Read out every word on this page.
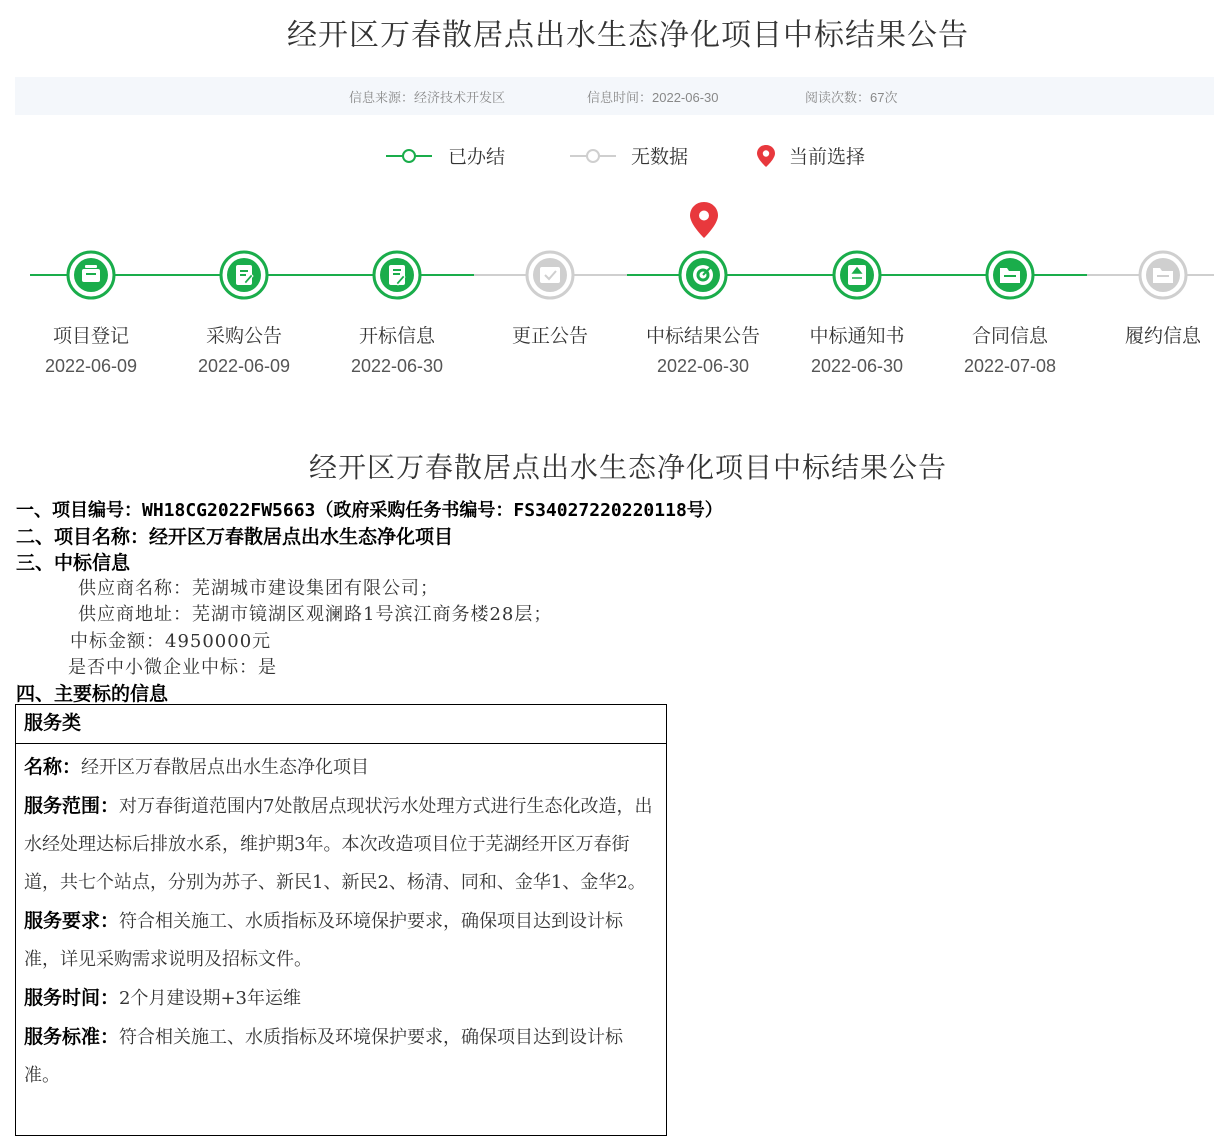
经开区万春散居点出水生态净化项目中标结果公告
信息来源：经济技术开发区	信息时间：2022-06-30	阅读次数：67次
已办结	无数据	当前选择
项目登记
2022-06-09
采购公告
2022-06-09
开标信息
2022-06-30
更正公告	中标结果公告
2022-06-30
中标通知书
2022-06-30
合同信息
2022-07-08
履约信息
经开区万春散居点出水生态净化项目中标结果公告
一、项目编号：WH18CG2022FW5663（政府采购任务书编号：FS34027220220118号）
二、项目名称：经开区万春散居点出水生态净化项目
三、中标信息
供应商名称：芜湖城市建设集团有限公司；
供应商地址：芜湖市镜湖区观澜路1号滨江商务楼28层；
中标金额：4950000元
是否中小微企业中标：是
四、主要标的信息
服务类

名称：经开区万春散居点出水生态净化项目

服务范围：对万春街道范围内7处散居点现状污水处理方式进行生态化改造，出水经处理达标后排放水系，维护期3年。本次改造项目位于芜湖经开区万春街道，共七个站点，分别为苏子、新民1、新民2、杨清、同和、金华1、金华2。

服务要求：符合相关施工、水质指标及环境保护要求，确保项目达到设计标准，详见采购需求说明及招标文件。

服务时间：2个月建设期+3年运维

服务标准：符合相关施工、水质指标及环境保护要求，确保项目达到设计标准。
